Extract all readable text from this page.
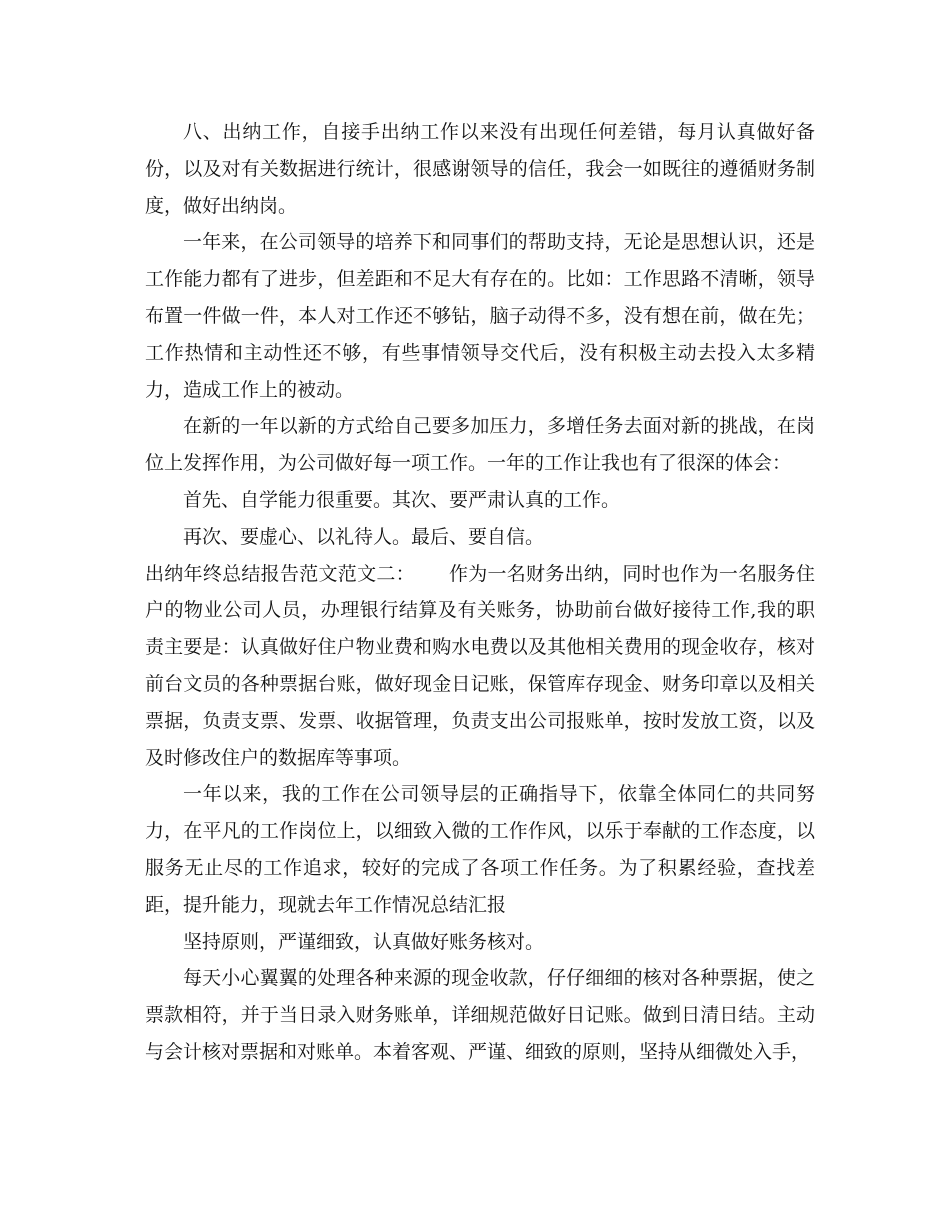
八、出纳工作，自接手出纳工作以来没有出现任何差错，每月认真做好备份，以及对有关数据进行统计，很感谢领导的信任，我会一如既往的遵循财务制度，做好出纳岗。

一年来，在公司领导的培养下和同事们的帮助支持，无论是思想认识，还是工作能力都有了进步，但差距和不足大有存在的。比如：工作思路不清晰，领导布置一件做一件，本人对工作还不够钻，脑子动得不多，没有想在前，做在先；工作热情和主动性还不够，有些事情领导交代后，没有积极主动去投入太多精力，造成工作上的被动。

在新的一年以新的方式给自己要多加压力，多增任务去面对新的挑战，在岗位上发挥作用，为公司做好每一项工作。一年的工作让我也有了很深的体会：

首先、自学能力很重要。其次、要严肃认真的工作。

再次、要虚心、以礼待人。最后、要自信。

出纳年终总结报告范文范文二： 作为一名财务出纳，同时也作为一名服务住户的物业公司人员，办理银行结算及有关账务，协助前台做好接待工作,我的职责主要是：认真做好住户物业费和购水电费以及其他相关费用的现金收存，核对前台文员的各种票据台账，做好现金日记账，保管库存现金、财务印章以及相关票据，负责支票、发票、收据管理，负责支出公司报账单，按时发放工资，以及及时修改住户的数据库等事项。

一年以来，我的工作在公司领导层的正确指导下，依靠全体同仁的共同努力，在平凡的工作岗位上，以细致入微的工作作风，以乐于奉献的工作态度，以服务无止尽的工作追求，较好的完成了各项工作任务。为了积累经验，查找差距，提升能力，现就去年工作情况总结汇报

坚持原则，严谨细致，认真做好账务核对。

每天小心翼翼的处理各种来源的现金收款，仔仔细细的核对各种票据，使之票款相符，并于当日录入财务账单，详细规范做好日记账。做到日清日结。主动与会计核对票据和对账单。本着客观、严谨、细致的原则，坚持从细微处入手，
